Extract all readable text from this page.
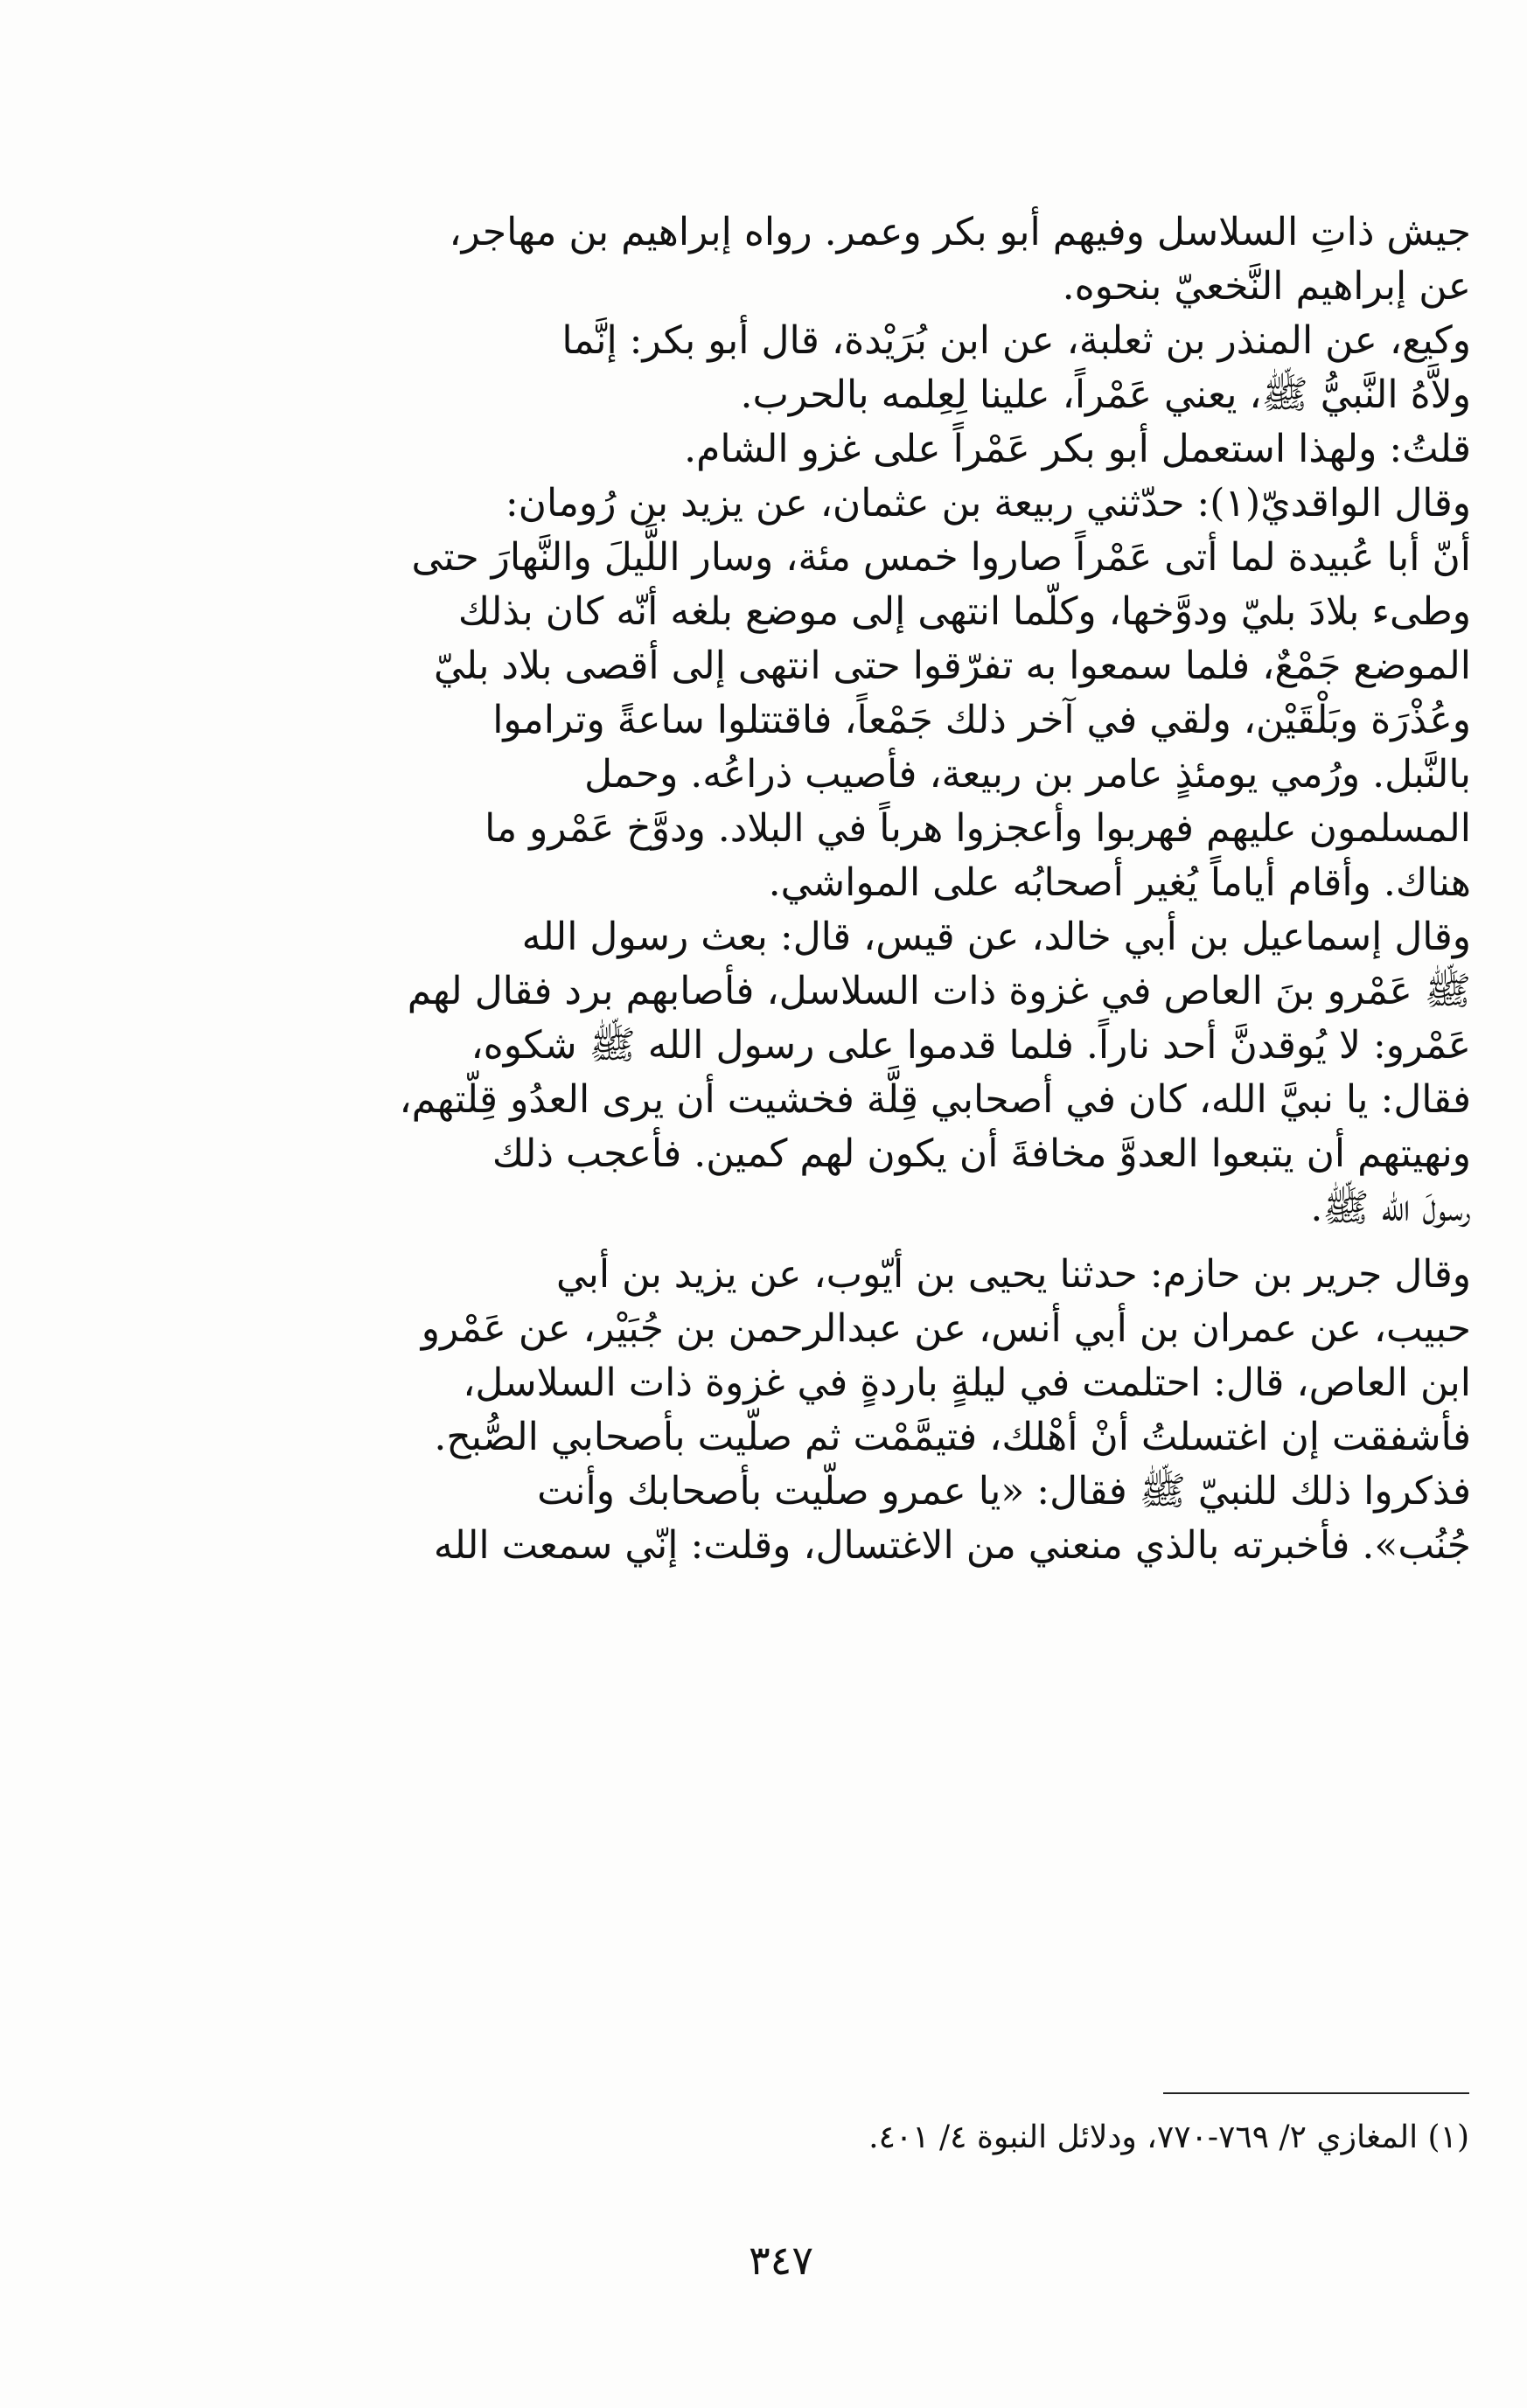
جيش ذاتِ السلاسل وفيهم أبو بكر وعمر. رواه إبراهيم بن مهاجر،
عن إبراهيم النَّخعيّ بنحوه.
وكيع، عن المنذر بن ثعلبة، عن ابن بُرَيْدة، قال أبو بكر: إنَّما
ولاَّهُ النَّبيُّ ﷺ، يعني عَمْراً، علينا لِعِلمه بالحرب.
قلتُ: ولهذا استعمل أبو بكر عَمْراً على غزو الشام.
وقال الواقديّ(١): حدّثني ربيعة بن عثمان، عن يزيد بن رُومان:
أنّ أبا عُبيدة لما أتى عَمْراً صاروا خمس مئة، وسار اللَّيلَ والنَّهارَ حتى
وطىء بلادَ بليّ ودوَّخها، وكلّما انتهى إلى موضع بلغه أنّه كان بذلك
الموضع جَمْعٌ، فلما سمعوا به تفرّقوا حتى انتهى إلى أقصى بلاد بليّ
وعُذْرَة وبَلْقَيْن، ولقي في آخر ذلك جَمْعاً، فاقتتلوا ساعةً وتراموا
بالنَّبل. ورُمي يومئذٍ عامر بن ربيعة، فأصيب ذراعُه. وحمل
المسلمون عليهم فهربوا وأعجزوا هرباً في البلاد. ودوَّخ عَمْرو ما
هناك. وأقام أياماً يُغير أصحابُه على المواشي.
وقال إسماعيل بن أبي خالد، عن قيس، قال: بعث رسول الله
ﷺ عَمْرو بنَ العاص في غزوة ذات السلاسل، فأصابهم برد فقال لهم
عَمْرو: لا يُوقدنَّ أحد ناراً. فلما قدموا على رسول الله ﷺ شكوه،
فقال: يا نبيَّ الله، كان في أصحابي قِلَّة فخشيت أن يرى العدُو قِلّتهم،
ونهيتهم أن يتبعوا العدوَّ مخافةَ أن يكون لهم كمين. فأعجب ذلك
رسولَ الله ﷺ.
وقال جرير بن حازم: حدثنا يحيى بن أيّوب، عن يزيد بن أبي
حبيب، عن عمران بن أبي أنس، عن عبدالرحمن بن جُبَيْر، عن عَمْرو
ابن العاص، قال: احتلمت في ليلةٍ باردةٍ في غزوة ذات السلاسل،
فأشفقت إن اغتسلتُ أنْ أهْلك، فتيمَّمْت ثم صلّيت بأصحابي الصُّبح.
فذكروا ذلك للنبيّ ﷺ فقال: «يا عمرو صلّيت بأصحابك وأنت
جُنُب». فأخبرته بالذي منعني من الاغتسال، وقلت: إنّي سمعت الله
(١) المغازي ٢/ ٧٦٩-٧٧٠، ودلائل النبوة ٤/ ٤٠١.
٣٤٧
